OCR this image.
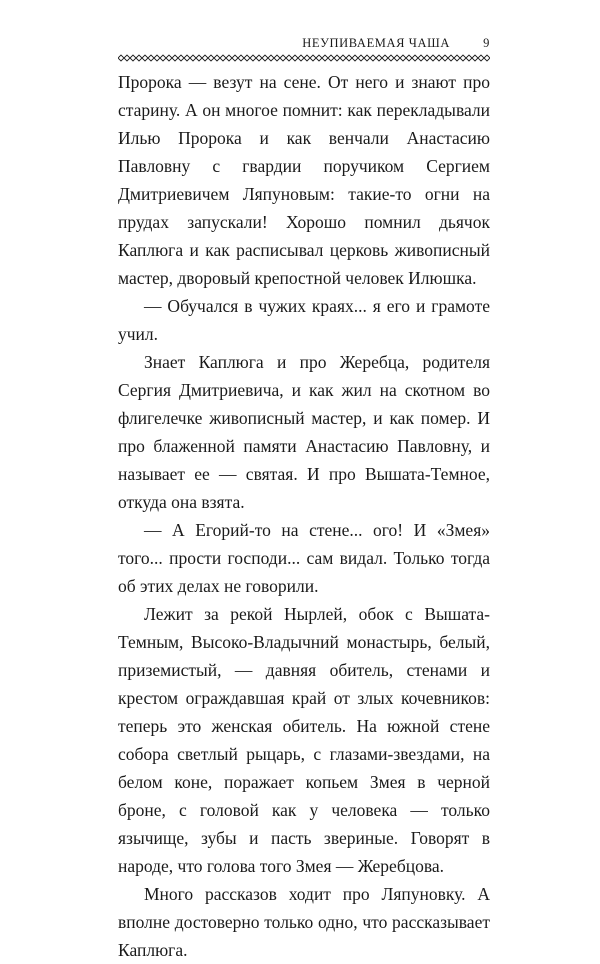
НЕУПИВАЕМАЯ ЧАША	9

Пророка — везут на сене. От него и знают про старину. А он многое помнит: как перекладывали Илью Пророка и как венчали Анастасию Павловну с гвардии поручиком Сергием Дмитриевичем Ляпуновым: такие-то огни на прудах запускали! Хорошо помнил дьячок Каплюга и как расписывал церковь живописный мастер, дворовый крепостной человек Илюшка.

— Обучался в чужих краях... я его и грамоте учил.

Знает Каплюга и про Жеребца, родителя Сергия Дмитриевича, и как жил на скотном во флигелечке живописный мастер, и как помер. И про блаженной памяти Анастасию Павловну, и называет ее — святая. И про Вышата-Темное, откуда она взята.

— А Егорий-то на стене... ого! И «Змея» того... прости господи... сам видал. Только тогда об этих делах не говорили.

Лежит за рекой Нырлей, обок с Вышата-Темным, Высоко-Владычний монастырь, белый, приземистый, — давняя обитель, стенами и крестом ограждавшая край от злых кочевников: теперь это женская обитель. На южной стене собора светлый рыцарь, с глазами-звездами, на белом коне, поражает копьем Змея в черной броне, с головой как у человека — только язычище, зубы и пасть звериные. Говорят в народе, что голова того Змея — Жеребцова.

Много рассказов ходит про Ляпуновку. А вполне достоверно только одно, что рассказывает Каплюга.
